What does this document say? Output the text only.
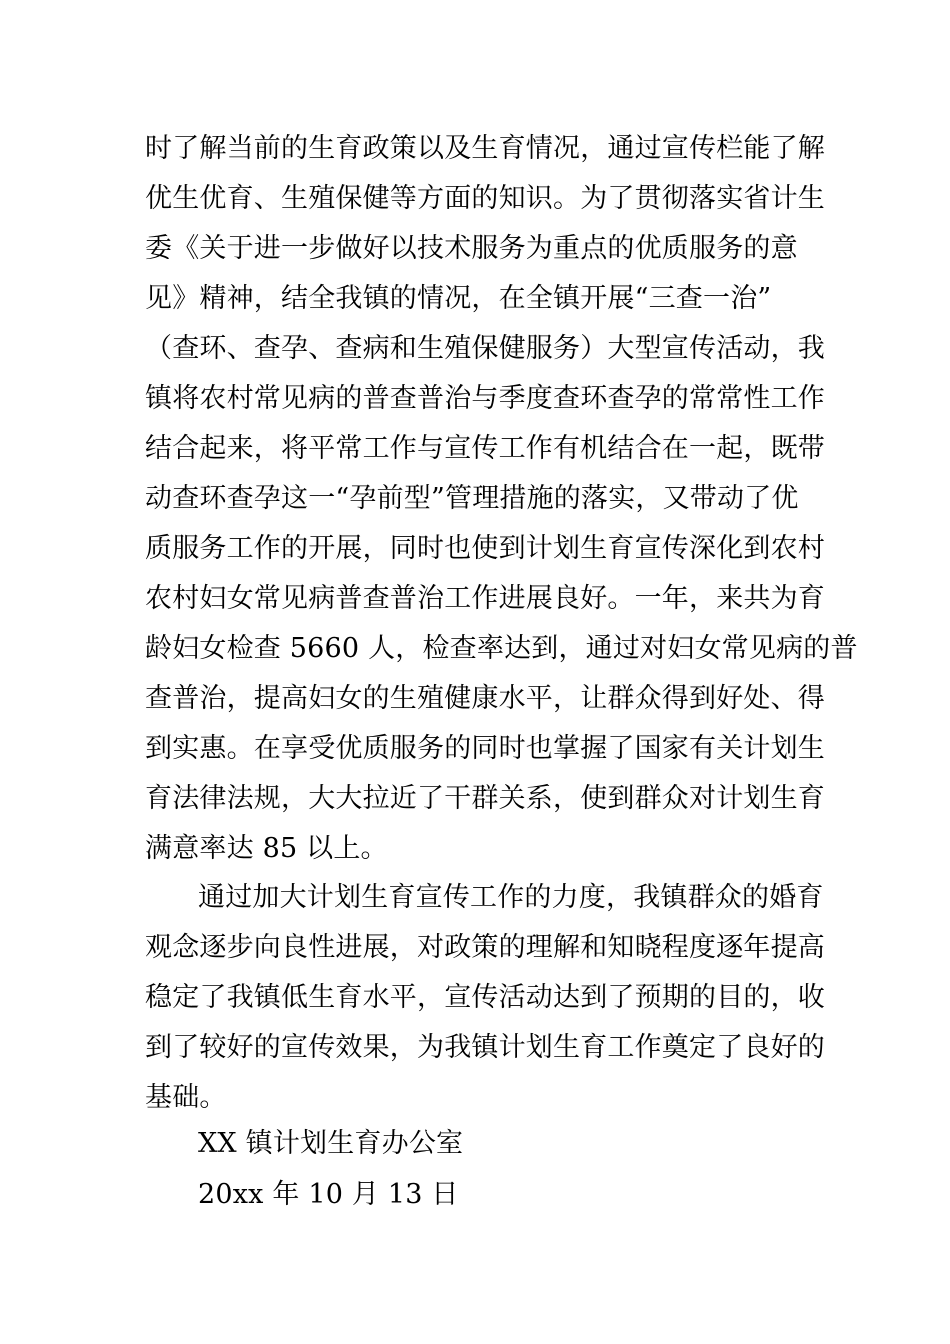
时了解当前的生育政策以及生育情况，通过宣传栏能了解
优生优育、生殖保健等方面的知识。为了贯彻落实省计生
委《关于进一步做好以技术服务为重点的优质服务的意
见》精神，结全我镇的情况，在全镇开展“三查一治”
（查环、查孕、查病和生殖保健服务）大型宣传活动，我
镇将农村常见病的普查普治与季度查环查孕的常常性工作
结合起来，将平常工作与宣传工作有机结合在一起，既带
动查环查孕这一“孕前型”管理措施的落实，又带动了优
质服务工作的开展，同时也使到计划生育宣传深化到农村
农村妇女常见病普查普治工作进展良好。一年，来共为育
龄妇女检查 5660 人，检查率达到，通过对妇女常见病的普
查普治，提高妇女的生殖健康水平，让群众得到好处、得
到实惠。在享受优质服务的同时也掌握了国家有关计划生
育法律法规，大大拉近了干群关系，使到群众对计划生育
满意率达 85 以上。
通过加大计划生育宣传工作的力度，我镇群众的婚育
观念逐步向良性进展，对政策的理解和知晓程度逐年提高
稳定了我镇低生育水平，宣传活动达到了预期的目的，收
到了较好的宣传效果，为我镇计划生育工作奠定了良好的
基础。
XX 镇计划生育办公室
20xx 年 10 月 13 日
